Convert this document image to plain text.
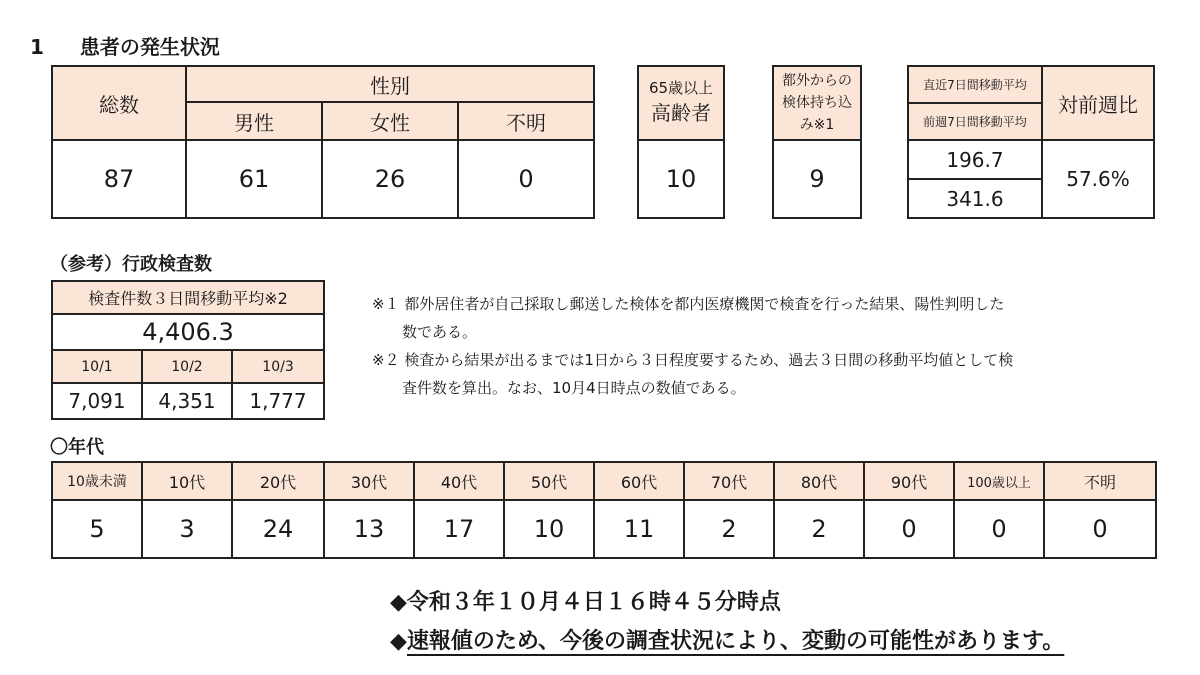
1 患者の発生状況
総数	性別		
	男性	女性	不明
87	61	26	0
65歳以上
高齢者

10
都外からの
検体持ち込
み※1

9
直近7日間移動平均	対前週比
前週7日間移動平均	
196.7	57.6%
341.6	
（参考）行政検査数
検査件数３日間移動平均※2		
4,406.3		
10/1	10/2	10/3
7,091	4,351	1,777
※１ 都外居住者が自己採取し郵送した検体を都内医療機関で検査を行った結果、陽性判明した
数である。
※２ 検査から結果が出るまでは1日から３日程度要するため、過去３日間の移動平均値として検
査件数を算出。なお、10月4日時点の数値である。
〇年代
10歳未満	10代	20代	30代	40代	50代	60代	70代	80代	90代	100歳以上	不明
5	3	24	13	17	10	11	2	2	0	0	0
◆令和３年１０月４日１６時４５分時点
◆速報値のため、今後の調査状況により、変動の可能性があります。
